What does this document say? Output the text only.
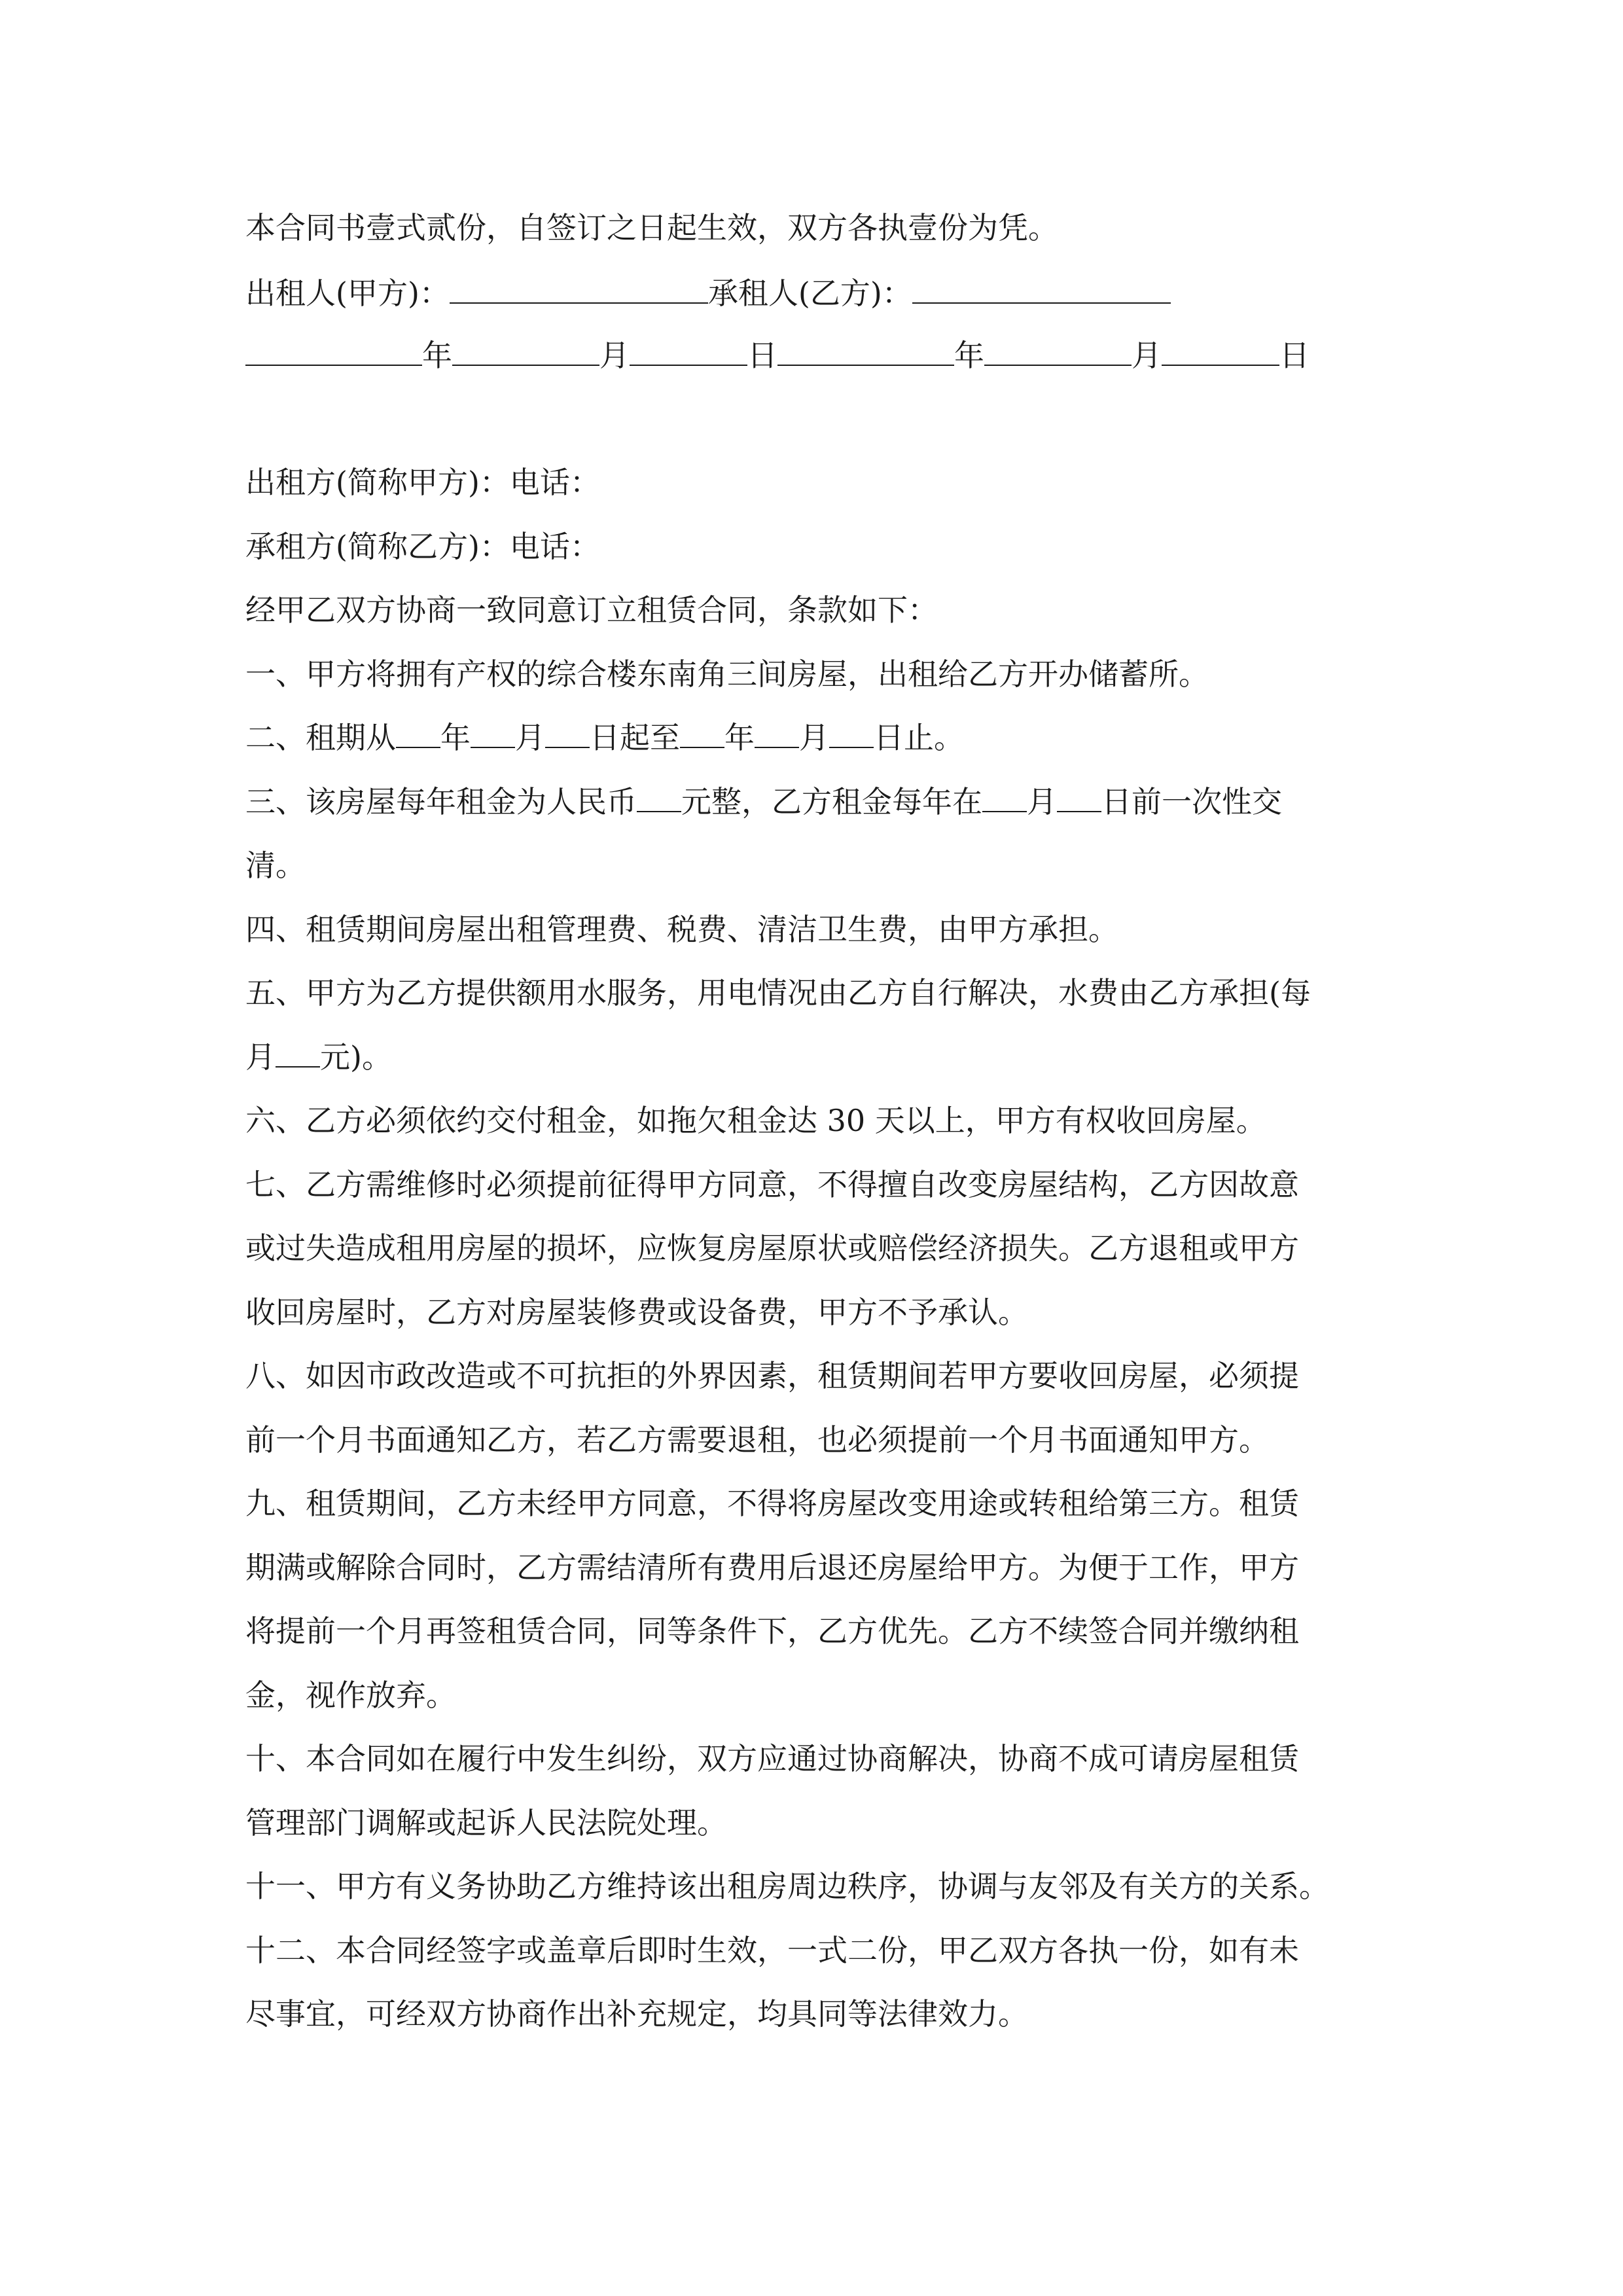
本合同书壹式贰份，自签订之日起生效，双方各执壹份为凭。
出租人(甲方)：	承租人(乙方)：
年	月	日	年	月	日
出租方(简称甲方)：电话：
承租方(简称乙方)：电话：
经甲乙双方协商一致同意订立租赁合同，条款如下：
一、甲方将拥有产权的综合楼东南角三间房屋，出租给乙方开办储蓄所。
二、租期从 年 月 日起至 年 月 日止。
三、该房屋每年租金为人民币 元整，乙方租金每年在 月 日前一次性交
清。
四、租赁期间房屋出租管理费、税费、清洁卫生费，由甲方承担。
五、甲方为乙方提供额用水服务，用电情况由乙方自行解决，水费由乙方承担(每
月 元)。
六、乙方必须依约交付租金，如拖欠租金达 30 天以上，甲方有权收回房屋。
七、乙方需维修时必须提前征得甲方同意，不得擅自改变房屋结构，乙方因故意
或过失造成租用房屋的损坏，应恢复房屋原状或赔偿经济损失。乙方退租或甲方
收回房屋时，乙方对房屋装修费或设备费，甲方不予承认。
八、如因市政改造或不可抗拒的外界因素，租赁期间若甲方要收回房屋，必须提
前一个月书面通知乙方，若乙方需要退租，也必须提前一个月书面通知甲方。
九、租赁期间，乙方未经甲方同意，不得将房屋改变用途或转租给第三方。租赁
期满或解除合同时，乙方需结清所有费用后退还房屋给甲方。为便于工作，甲方
将提前一个月再签租赁合同，同等条件下，乙方优先。乙方不续签合同并缴纳租
金，视作放弃。
十、本合同如在履行中发生纠纷，双方应通过协商解决，协商不成可请房屋租赁
管理部门调解或起诉人民法院处理。
十一、甲方有义务协助乙方维持该出租房周边秩序，协调与友邻及有关方的关系。
十二、本合同经签字或盖章后即时生效，一式二份，甲乙双方各执一份，如有未
尽事宜，可经双方协商作出补充规定，均具同等法律效力。
